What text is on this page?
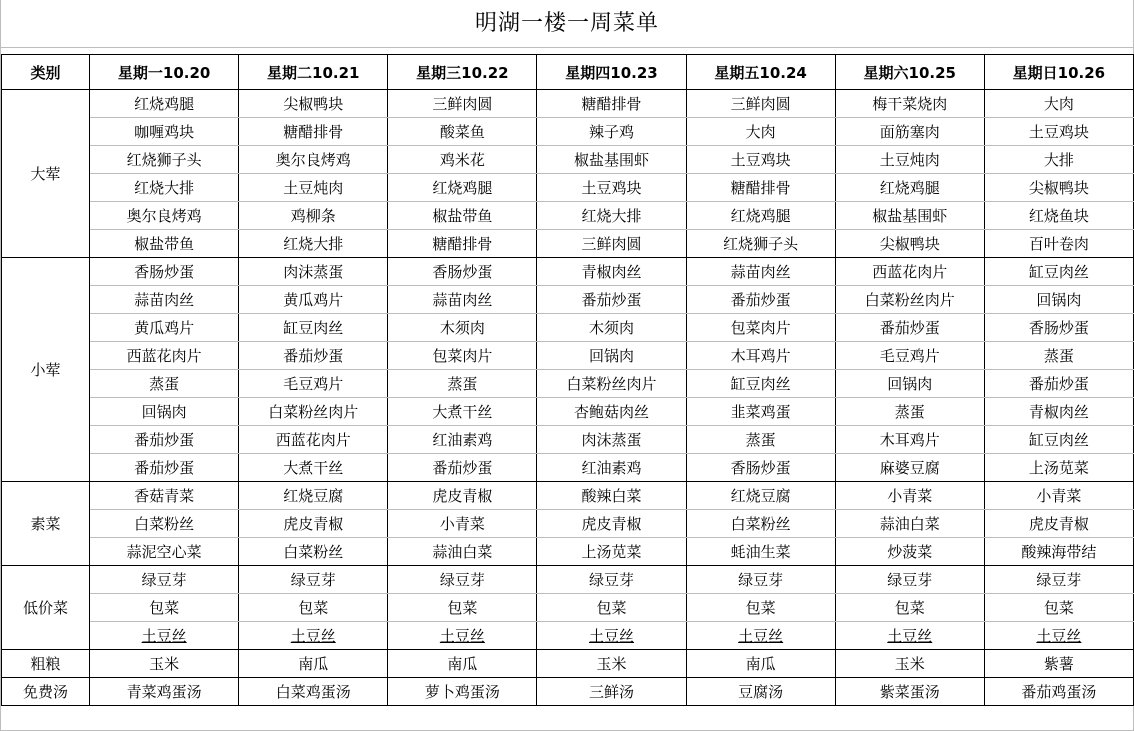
明湖一楼一周菜单
类别	星期一10.20	星期二10.21	星期三10.22	星期四10.23	星期五10.24	星期六10.25	星期日10.26
大荤	红烧鸡腿	尖椒鸭块	三鲜肉圆	糖醋排骨	三鲜肉圆	梅干菜烧肉	大肉
	咖喱鸡块	糖醋排骨	酸菜鱼	辣子鸡	大肉	面筋塞肉	土豆鸡块
	红烧狮子头	奥尔良烤鸡	鸡米花	椒盐基围虾	土豆鸡块	土豆炖肉	大排
	红烧大排	土豆炖肉	红烧鸡腿	土豆鸡块	糖醋排骨	红烧鸡腿	尖椒鸭块
	奥尔良烤鸡	鸡柳条	椒盐带鱼	红烧大排	红烧鸡腿	椒盐基围虾	红烧鱼块
	椒盐带鱼	红烧大排	糖醋排骨	三鲜肉圆	红烧狮子头	尖椒鸭块	百叶卷肉
小荤	香肠炒蛋	肉沫蒸蛋	香肠炒蛋	青椒肉丝	蒜苗肉丝	西蓝花肉片	缸豆肉丝
	蒜苗肉丝	黄瓜鸡片	蒜苗肉丝	番茄炒蛋	番茄炒蛋	白菜粉丝肉片	回锅肉
	黄瓜鸡片	缸豆肉丝	木须肉	木须肉	包菜肉片	番茄炒蛋	香肠炒蛋
	西蓝花肉片	番茄炒蛋	包菜肉片	回锅肉	木耳鸡片	毛豆鸡片	蒸蛋
	蒸蛋	毛豆鸡片	蒸蛋	白菜粉丝肉片	缸豆肉丝	回锅肉	番茄炒蛋
	回锅肉	白菜粉丝肉片	大煮干丝	杏鲍菇肉丝	韭菜鸡蛋	蒸蛋	青椒肉丝
	番茄炒蛋	西蓝花肉片	红油素鸡	肉沫蒸蛋	蒸蛋	木耳鸡片	缸豆肉丝
	番茄炒蛋	大煮干丝	番茄炒蛋	红油素鸡	香肠炒蛋	麻婆豆腐	上汤苋菜
素菜	香菇青菜	红烧豆腐	虎皮青椒	酸辣白菜	红烧豆腐	小青菜	小青菜
	白菜粉丝	虎皮青椒	小青菜	虎皮青椒	白菜粉丝	蒜油白菜	虎皮青椒
	蒜泥空心菜	白菜粉丝	蒜油白菜	上汤苋菜	蚝油生菜	炒菠菜	酸辣海带结
低价菜	绿豆芽	绿豆芽	绿豆芽	绿豆芽	绿豆芽	绿豆芽	绿豆芽
	包菜	包菜	包菜	包菜	包菜	包菜	包菜
	土豆丝	土豆丝	土豆丝	土豆丝	土豆丝	土豆丝	土豆丝
粗粮	玉米	南瓜	南瓜	玉米	南瓜	玉米	紫薯
免费汤	青菜鸡蛋汤	白菜鸡蛋汤	萝卜鸡蛋汤	三鲜汤	豆腐汤	紫菜蛋汤	番茄鸡蛋汤
